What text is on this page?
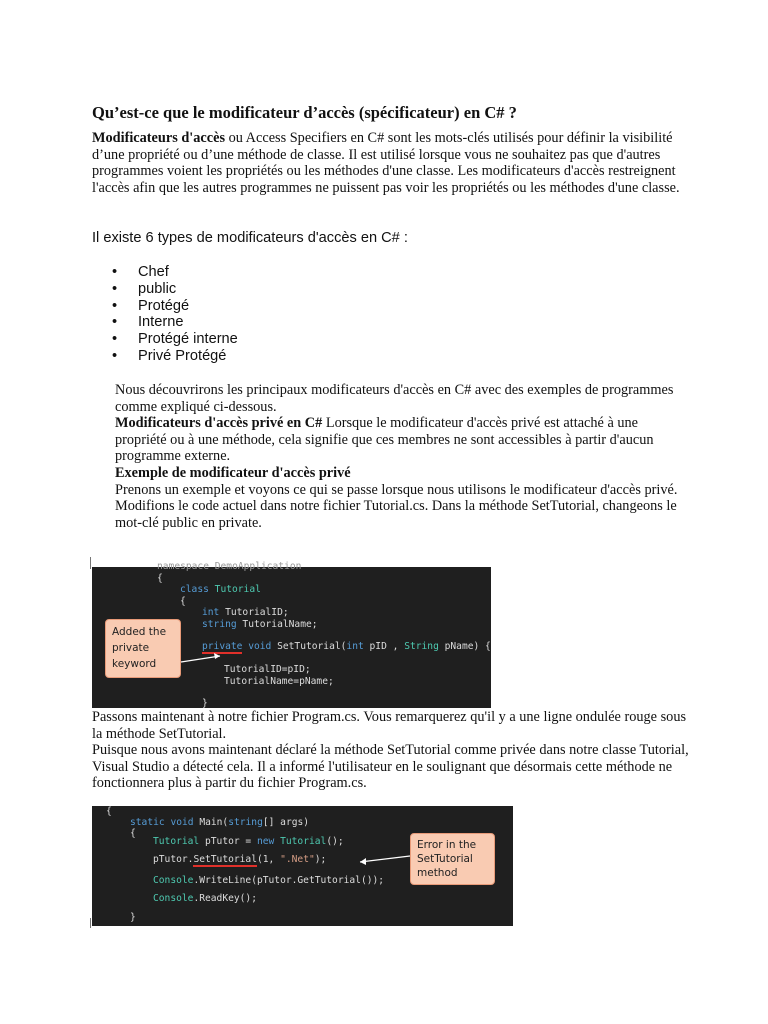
Qu’est-ce que le modificateur d’accès (spécificateur) en C# ?
Modificateurs d'accès ou Access Specifiers en C# sont les mots-clés utilisés pour définir la visibilité d’une propriété ou d’une méthode de classe. Il est utilisé lorsque vous ne souhaitez pas que d'autres programmes voient les propriétés ou les méthodes d'une classe. Les modificateurs d'accès restreignent l'accès afin que les autres programmes ne puissent pas voir les propriétés ou les méthodes d'une classe.
Il existe 6 types de modificateurs d'accès en C# :
• Chef
• public
• Protégé
• Interne
• Protégé interne
• Privé Protégé

Nous découvrirons les principaux modificateurs d'accès en C# avec des exemples de programmes comme expliqué ci-dessous.

Modificateurs d'accès privé en C# Lorsque le modificateur d'accès privé est attaché à une propriété ou à une méthode, cela signifie que ces membres ne sont accessibles à partir d'aucun programme externe.

Exemple de modificateur d'accès privé

Prenons un exemple et voyons ce qui se passe lorsque nous utilisons le modificateur d'accès privé.

Modifions le code actuel dans notre fichier Tutorial.cs. Dans la méthode SetTutorial, changeons le mot-clé public en private.

namespace DemoApplication
{
class Tutorial
{
int TutorialID;
string TutorialName;
private void SetTutorial(int pID , String pName) {
TutorialID=pID;
TutorialName=pName;
}
Added the
private
keyword

Passons maintenant à notre fichier Program.cs. Vous remarquerez qu'il y a une ligne ondulée rouge sous la méthode SetTutorial.

Puisque nous avons maintenant déclaré la méthode SetTutorial comme privée dans notre classe Tutorial, Visual Studio a détecté cela. Il a informé l'utilisateur en le soulignant que désormais cette méthode ne fonctionnera plus à partir du fichier Program.cs.

{
static void Main(string[] args)
{
Tutorial pTutor = new Tutorial();
pTutor.SetTutorial(1, ".Net");
Console.WriteLine(pTutor.GetTutorial());
Console.ReadKey();
}
Error in the
SetTutorial
method
